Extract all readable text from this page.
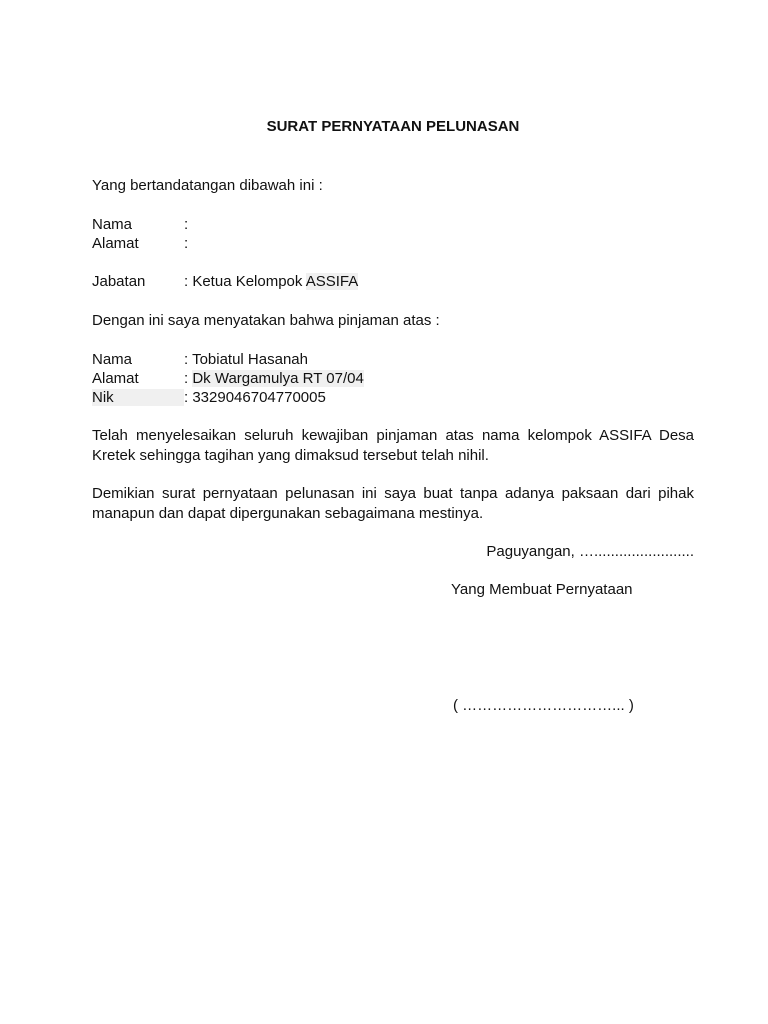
SURAT PERNYATAAN PELUNASAN
Yang bertandatangan dibawah ini :
Nama	:
Alamat	:
Jabatan	: Ketua Kelompok ASSIFA
Dengan ini saya menyatakan bahwa pinjaman atas :
Nama	: Tobiatul Hasanah
Alamat	: Dk Wargamulya RT 07/04
Nik	: 3329046704770005
Telah menyelesaikan seluruh kewajiban pinjaman atas nama kelompok ASSIFA Desa Kretek sehingga tagihan yang dimaksud tersebut telah nihil.
Demikian surat pernyataan pelunasan ini saya buat tanpa adanya paksaan dari pihak manapun dan dapat dipergunakan sebagaimana mestinya.
Paguyangan, …........................
Yang Membuat Pernyataan
( …………………………... )
